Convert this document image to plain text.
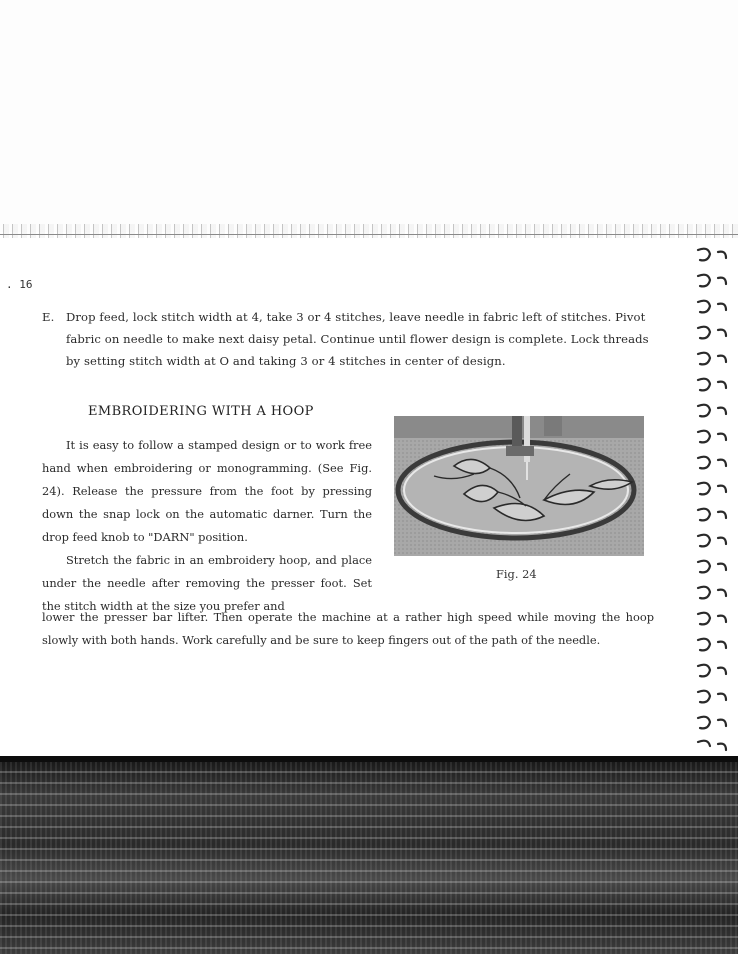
. 16
E. Drop feed, lock stitch width at 4, take 3 or 4 stitches, leave needle in fabric left of stitches. Pivot fabric on needle to make next daisy petal. Continue until flower design is complete. Lock threads by setting stitch width at O and taking 3 or 4 stitches in center of design.
EMBROIDERING WITH A HOOP

It is easy to follow a stamped design or to work free hand when embroidering or monogramming. (See Fig. 24). Release the pressure from the foot by pressing down the snap lock on the automatic darner. Turn the drop feed knob to "DARN" position.

Stretch the fabric in an embroidery hoop, and place under the needle after removing the presser foot. Set the stitch width at the size you prefer and

lower the presser bar lifter. Then operate the machine at a rather high speed while moving the hoop slowly with both hands. Work carefully and be sure to keep fingers out of the path of the needle.
Fig. 24
